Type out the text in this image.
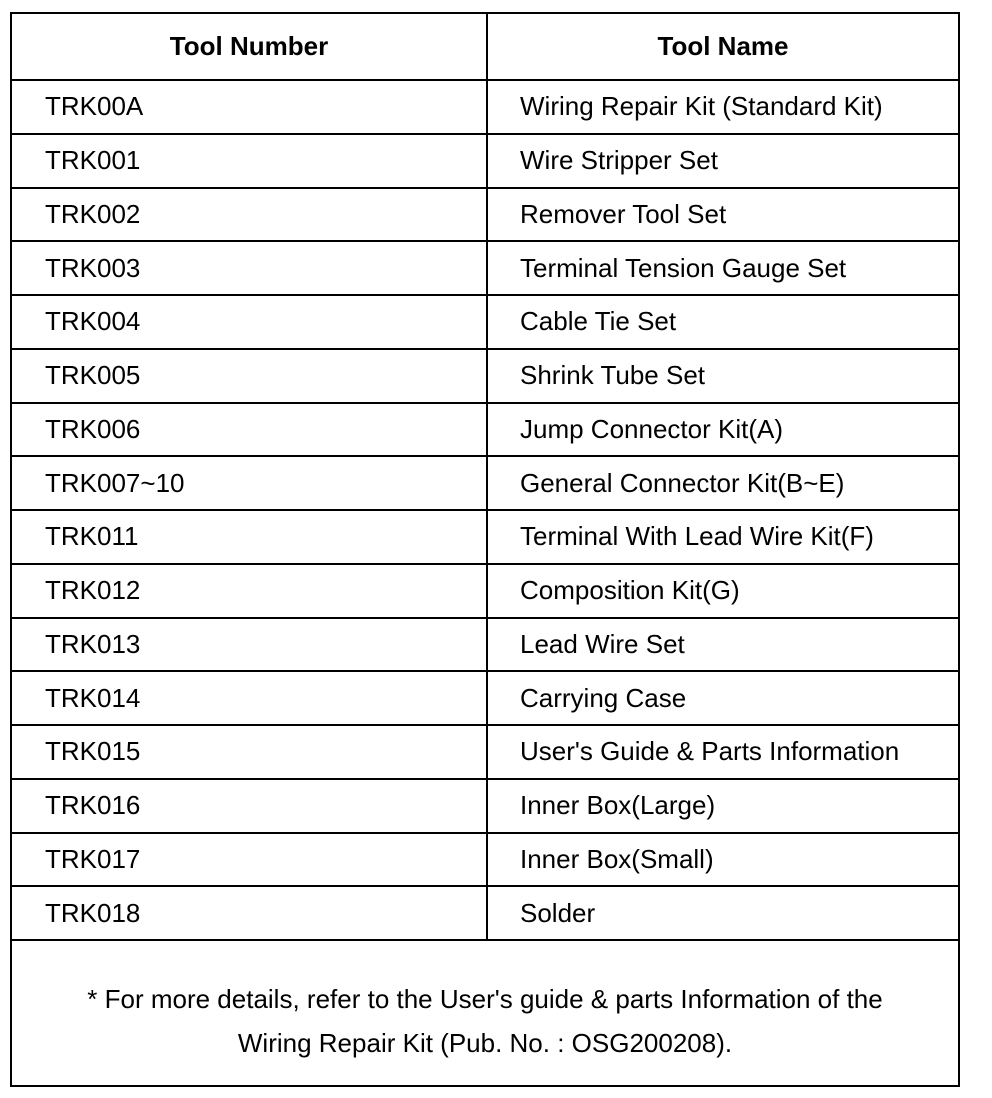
Tool Number	Tool Name
TRK00A	Wiring Repair Kit (Standard Kit)
TRK001	Wire Stripper Set
TRK002	Remover Tool Set
TRK003	Terminal Tension Gauge Set
TRK004	Cable Tie Set
TRK005	Shrink Tube Set
TRK006	Jump Connector Kit(A)
TRK007~10	General Connector Kit(B~E)
TRK011	Terminal With Lead Wire Kit(F)
TRK012	Composition Kit(G)
TRK013	Lead Wire Set
TRK014	Carrying Case
TRK015	User's Guide & Parts Information
TRK016	Inner Box(Large)
TRK017	Inner Box(Small)
TRK018	Solder
* For more details, refer to the User's guide & parts Information of the
Wiring Repair Kit (Pub. No. : OSG200208).
